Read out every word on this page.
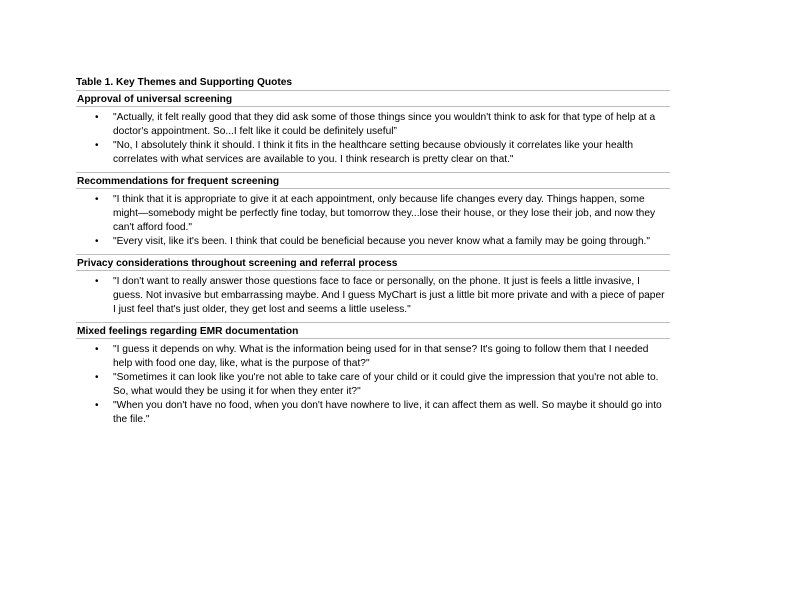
Table 1. Key Themes and Supporting Quotes
Approval of universal screening
• "Actually, it felt really good that they did ask some of those things since you wouldn't think to ask for that type of help at a doctor's appointment. So...I felt like it could be definitely useful”
• "No, I absolutely think it should. I think it fits in the healthcare setting because obviously it correlates like your health correlates with what services are available to you. I think research is pretty clear on that."
Recommendations for frequent screening
• "I think that it is appropriate to give it at each appointment, only because life changes every day. Things happen, some might—somebody might be perfectly fine today, but tomorrow they...lose their house, or they lose their job, and now they can't afford food."
• "Every visit, like it's been. I think that could be beneficial because you never know what a family may be going through."
Privacy considerations throughout screening and referral process
• "I don't want to really answer those questions face to face or personally, on the phone. It just is feels a little invasive, I guess. Not invasive but embarrassing maybe. And I guess MyChart is just a little bit more private and with a piece of paper I just feel that's just older, they get lost and seems a little useless."
Mixed feelings regarding EMR documentation
• "I guess it depends on why. What is the information being used for in that sense? It's going to follow them that I needed help with food one day, like, what is the purpose of that?"
• "Sometimes it can look like you're not able to take care of your child or it could give the impression that you're not able to. So, what would they be using it for when they enter it?"
• "When you don't have no food, when you don't have nowhere to live, it can affect them as well. So maybe it should go into the file."
